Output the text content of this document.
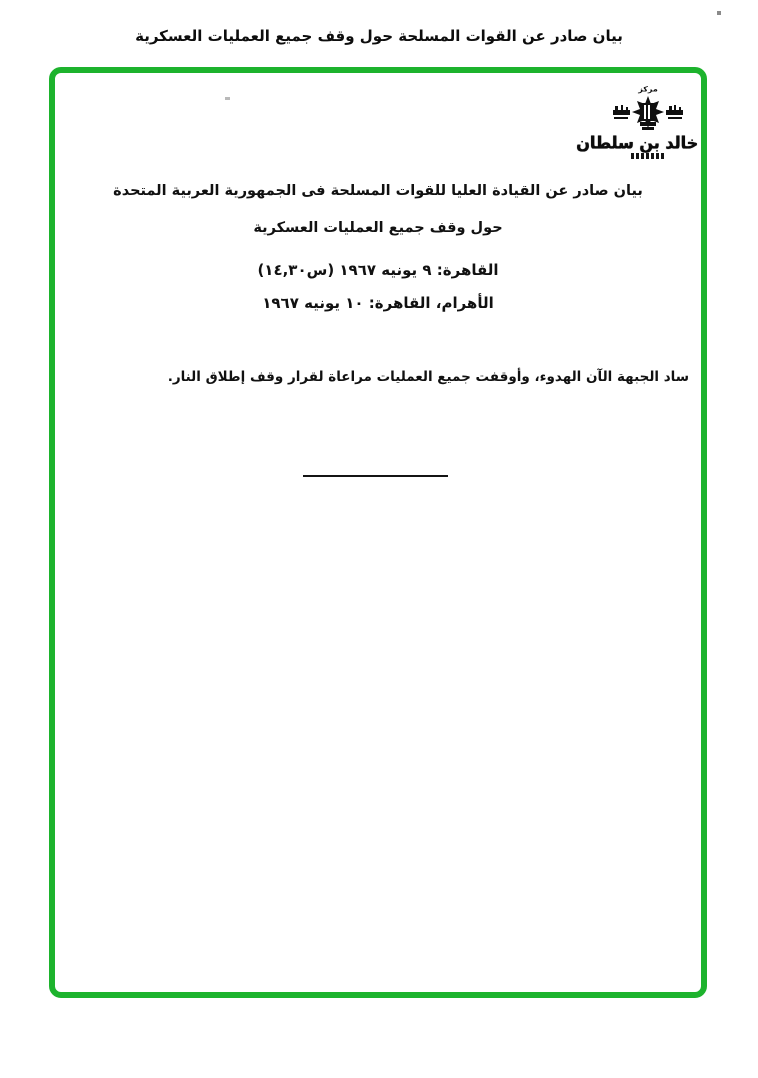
بيان صادر عن القوات المسلحة حول وقف جميع العمليات العسكرية
مركز
خالد بن سلطان
بيان صادر عن القيادة العليا للقوات المسلحة فى الجمهورية العربية المتحدة
حول وقف جميع العمليات العسكرية
القاهرة: ٩ يونيه ١٩٦٧ (س١٤,٣٠)
الأهرام، القاهرة: ١٠ يونيه ١٩٦٧
ساد الجبهة الآن الهدوء، وأوقفت جميع العمليات مراعاة لقرار وقف إطلاق النار.
